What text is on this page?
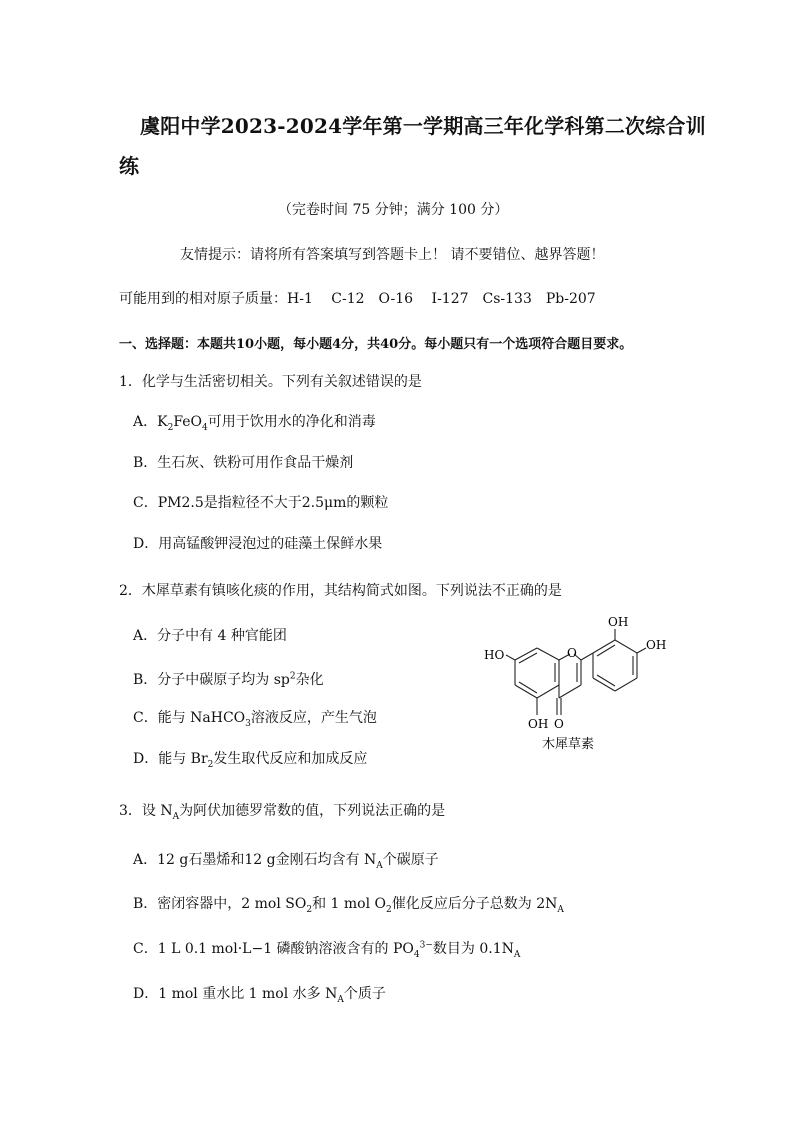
虞阳中学2023-2024学年第一学期高三年化学科第二次综合训
练
（完卷时间 75 分钟；满分 100 分）
友情提示：请将所有答案填写到答题卡上！ 请不要错位、越界答题！
可能用到的相对原子质量：H-1　 C-12　O-16　 I-127　Cs-133　Pb-207
一、选择题：本题共10小题，每小题4分，共40分。每小题只有一个选项符合题目要求。
1．化学与生活密切相关。下列有关叙述错误的是
A．$K_2FeO_4$可用于饮用水的净化和消毒
B．生石灰、铁粉可用作食品干燥剂
C．PM2.5是指粒径不大于2.5μm的颗粒
D．用高锰酸钾浸泡过的硅藻土保鲜水果
2．木犀草素有镇咳化痰的作用，其结构简式如图。下列说法不正确的是
A．分子中有 4 种官能团
B．分子中碳原子均为 $sp^2$杂化
C．能与 NaHCO$_3$溶液反应，产生气泡
D．能与 $Br_2$发生取代反应和加成反应
HO	O
O
OH
OH
OH
木犀草素
3．设 $N_A$为阿伏加德罗常数的值，下列说法正确的是
A．12 g石墨烯和12 g金刚石均含有 $N_A$个碳原子
B．密闭容器中，2 mol $SO_2$和 1 mol $O_2$催化反应后分子总数为 $2N_A$
C．1 L 0.1 mol·L−1 磷酸钠溶液含有的 $PO_4^{3-}$数目为 $0.1N_A$
D．1 mol 重水比 1 mol 水多 $N_A$个质子
